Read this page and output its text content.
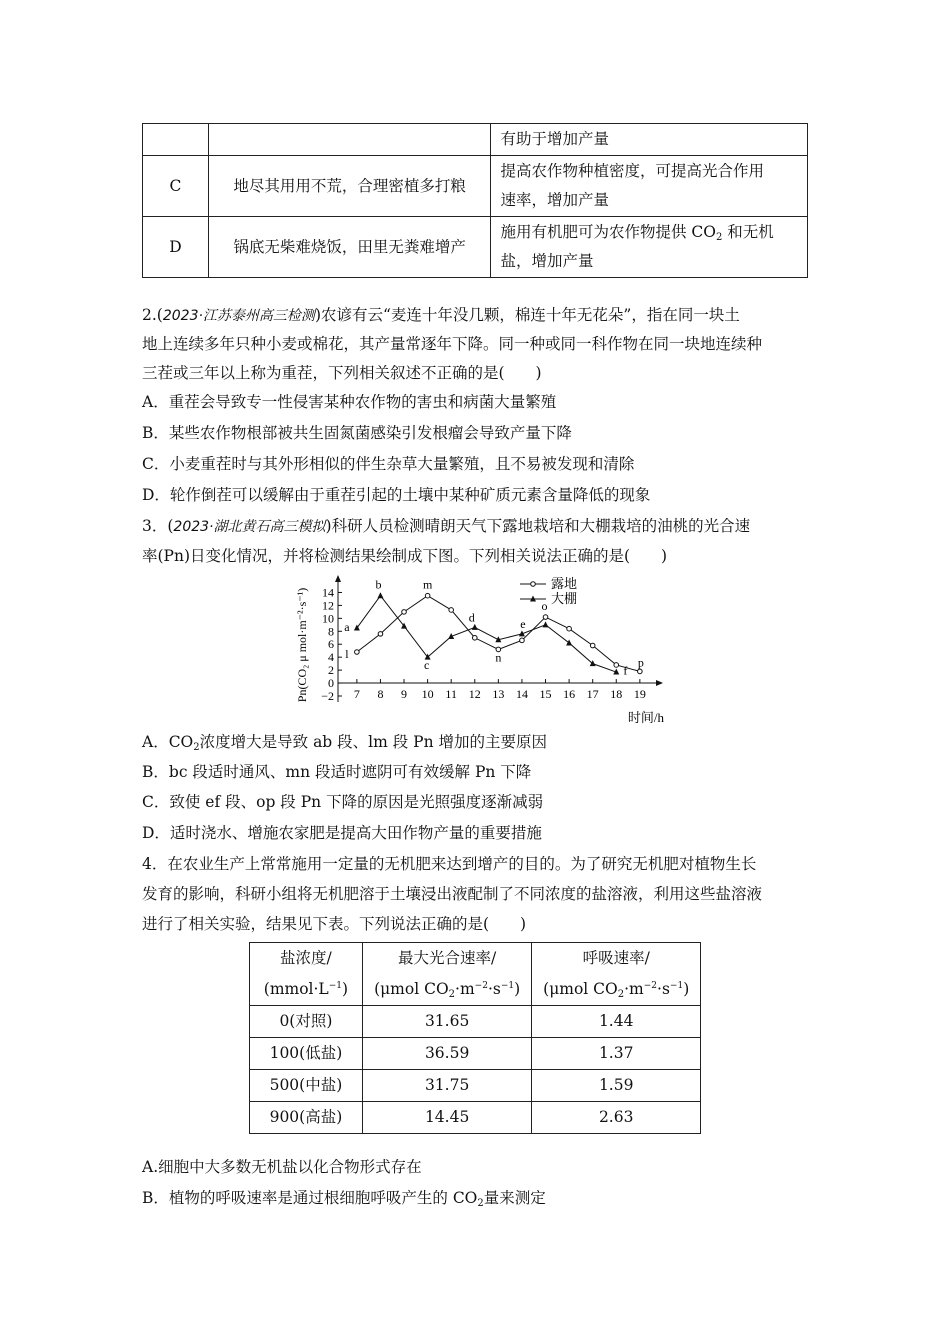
		有助于增加产量
C	地尽其用用不荒，合理密植多打粮	提高农作物种植密度，可提高光合作用
速率，增加产量

D	锅底无柴难烧饭，田里无粪难增产	施用有机肥可为农作物提供 $CO_2$ 和无机
盐，增加产量
2.(2023·江苏泰州高三检测)农谚有云“麦连十年没几颗，棉连十年无花朵”，指在同一块土
地上连续多年只种小麦或棉花，其产量常逐年下降。同一种或同一科作物在同一块地连续种
三茬或三年以上称为重茬，下列相关叙述不正确的是(　　)
A．重茬会导致专一性侵害某种农作物的害虫和病菌大量繁殖
B．某些农作物根部被共生固氮菌感染引发根瘤会导致产量下降
C．小麦重茬时与其外形相似的伴生杂草大量繁殖，且不易被发现和清除
D．轮作倒茬可以缓解由于重茬引起的土壤中某种矿质元素含量降低的现象
3．(2023·湖北黄石高三模拟)科研人员检测晴朗天气下露地栽培和大棚栽培的油桃的光合速
率(Pn)日变化情况，并将检测结果绘制成下图。下列相关说法正确的是(　　)
14
12
10
8
6
4
2
0
−2 7 8 9 10 11 12 13 14 15 16 17 18 19
Pn(CO₂ μ mol·m⁻²·s⁻¹)
时间/h
a
b
c
d	e
f
l
m
n
o
p
露地
大棚
A．$CO_2$浓度增大是导致 ab 段、lm 段 Pn 增加的主要原因
B．bc 段适时通风、mn 段适时遮阴可有效缓解 Pn 下降
C．致使 ef 段、op 段 Pn 下降的原因是光照强度逐渐减弱
D．适时浇水、增施农家肥是提高大田作物产量的重要措施
4．在农业生产上常常施用一定量的无机肥来达到增产的目的。为了研究无机肥对植物生长
发育的影响，科研小组将无机肥溶于土壤浸出液配制了不同浓度的盐溶液，利用这些盐溶液
进行了相关实验，结果见下表。下列说法正确的是(　　)
盐浓度/	最大光合速率/	呼吸速率/
$(mmol\cdot L^{-1})$	(μmol $CO_2\cdot m^{-2}\cdot s^{-1}$)	(μmol $CO_2\cdot m^{-2}\cdot s^{-1}$)
0(对照)	31.65	1.44
100(低盐)	36.59	1.37
500(中盐)	31.75	1.59
900(高盐)	14.45	2.63
A.细胞中大多数无机盐以化合物形式存在
B．植物的呼吸速率是通过根细胞呼吸产生的 $CO_2$量来测定
